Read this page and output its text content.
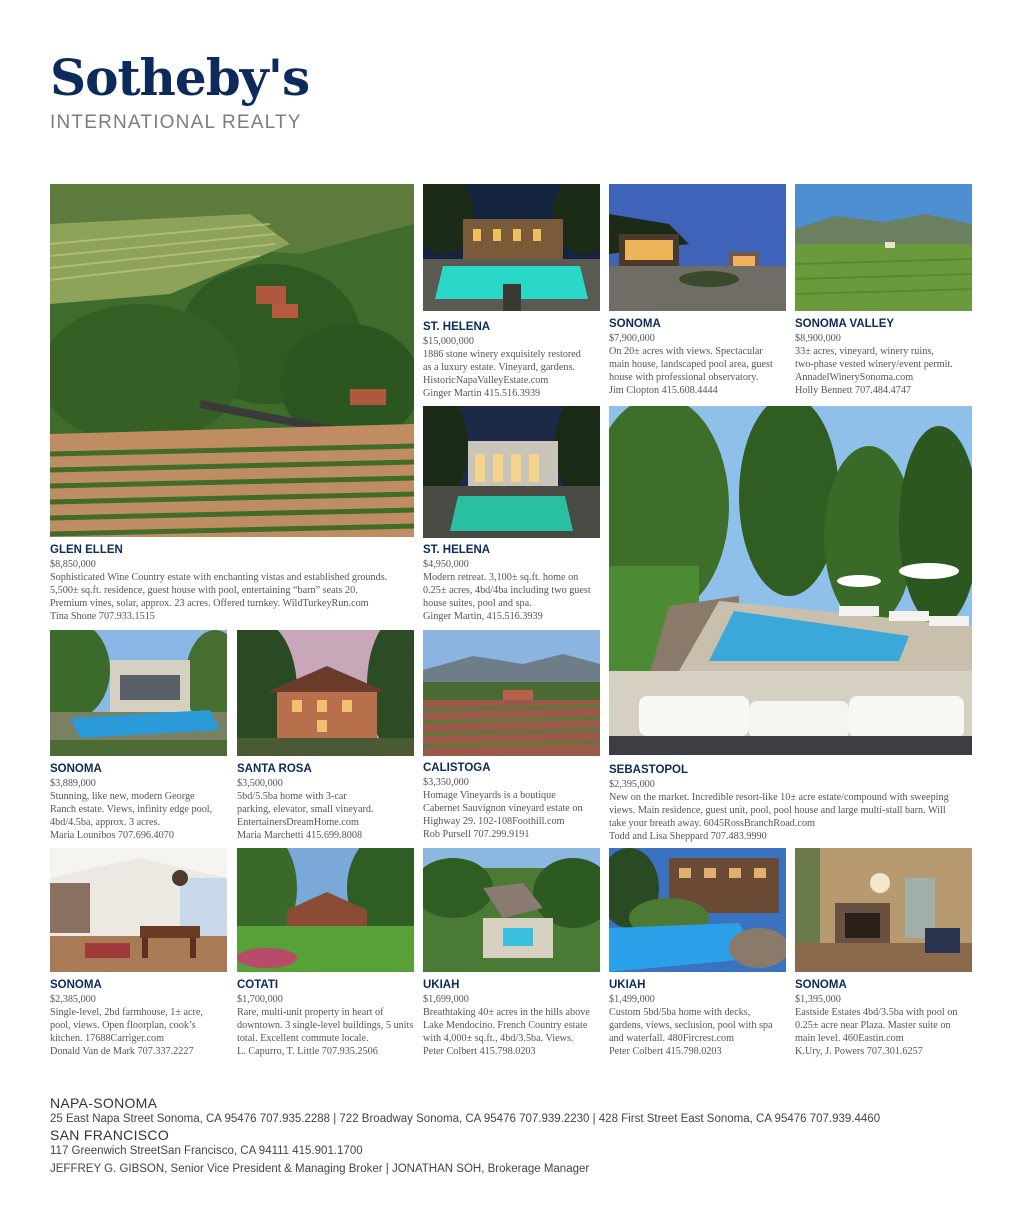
Sotheby's
INTERNATIONAL REALTY
ST. HELENA
$15,000,000
1886 stone winery exquisitely restored
as a luxury estate. Vineyard, gardens.
HistoricNapaValleyEstate.com
Ginger Martin 415.516.3939
SONOMA
$7,900,000
On 20± acres with views. Spectacular
main house, landscaped pool area, guest
house with professional observatory.
Jim Clopton 415.608.4444
SONOMA VALLEY
$8,900,000
33± acres, vineyard, winery ruins,
two-phase vested winery/event permit.
AnnadelWinerySonoma.com
Holly Bennett 707.484.4747
GLEN ELLEN
$8,850,000
Sophisticated Wine Country estate with enchanting vistas and established grounds.
5,500± sq.ft. residence, guest house with pool, entertaining “barn” seats 20.
Premium vines, solar, approx. 23 acres. Offered turnkey. WildTurkeyRun.com
Tina Shone 707.933.1515
ST. HELENA
$4,950,000
Modern retreat. 3,100± sq.ft. home on
0.25± acres, 4bd/4ba including two guest
house suites, pool and spa.
Ginger Martin, 415.516.3939
SONOMA
$3,889,000
Stunning, like new, modern George
Ranch estate. Views, infinity edge pool,
4bd/4.5ba, approx. 3 acres.
Maria Lounibos 707.696.4070
SANTA ROSA
$3,500,000
5bd/5.5ba home with 3-car
parking, elevator, small vineyard.
EntertainersDreamHome.com
Maria Marchetti 415.699.8008
CALISTOGA
$3,350,000
Homage Vineyards is a boutique
Cabernet Sauvignon vineyard estate on
Highway 29. 102-108Foothill.com
Rob Pursell 707.299.9191
SEBASTOPOL
$2,395,000
New on the market. Incredible resort-like 10± acre estate/compound with sweeping
views. Main residence, guest unit, pool, pool house and large multi-stall barn. Will
take your breath away. 6045RossBranchRoad.com
Todd and Lisa Sheppard 707.483.9990
SONOMA
$2,385,000
Single-level, 2bd farmhouse, 1± acre,
pool, views. Open floorplan, cook’s
kitchen. 17688Carriger.com
Donald Van de Mark 707.337.2227
COTATI
$1,700,000
Rare, multi-unit property in heart of
downtown. 3 single-level buildings, 5 units
total. Excellent commute locale.
L. Capurro, T. Little 707.935.2506
UKIAH
$1,699,000
Breathtaking 40± acres in the hills above
Lake Mendocino. French Country estate
with 4,000± sq.ft., 4bd/3.5ba. Views.
Peter Colbert 415.798.0203
UKIAH
$1,499,000
Custom 5bd/5ba home with decks,
gardens, views, seclusion, pool with spa
and waterfall. 480Fircrest.com
Peter Colbert 415.798.0203
SONOMA
$1,395,000
Eastside Estates 4bd/3.5ba with pool on
0.25± acre near Plaza. Master suite on
main level. 460Eastin.com
K.Ury, J. Powers 707.301.6257
NAPA-SONOMA
25 East Napa Street Sonoma, CA 95476 707.935.2288 | 722 Broadway Sonoma, CA 95476 707.939.2230 | 428 First Street East Sonoma, CA 95476 707.939.4460
SAN FRANCISCO
117 Greenwich StreetSan Francisco, CA 94111 415.901.1700
JEFFREY G. GIBSON, Senior Vice President & Managing Broker | JONATHAN SOH, Brokerage Manager
